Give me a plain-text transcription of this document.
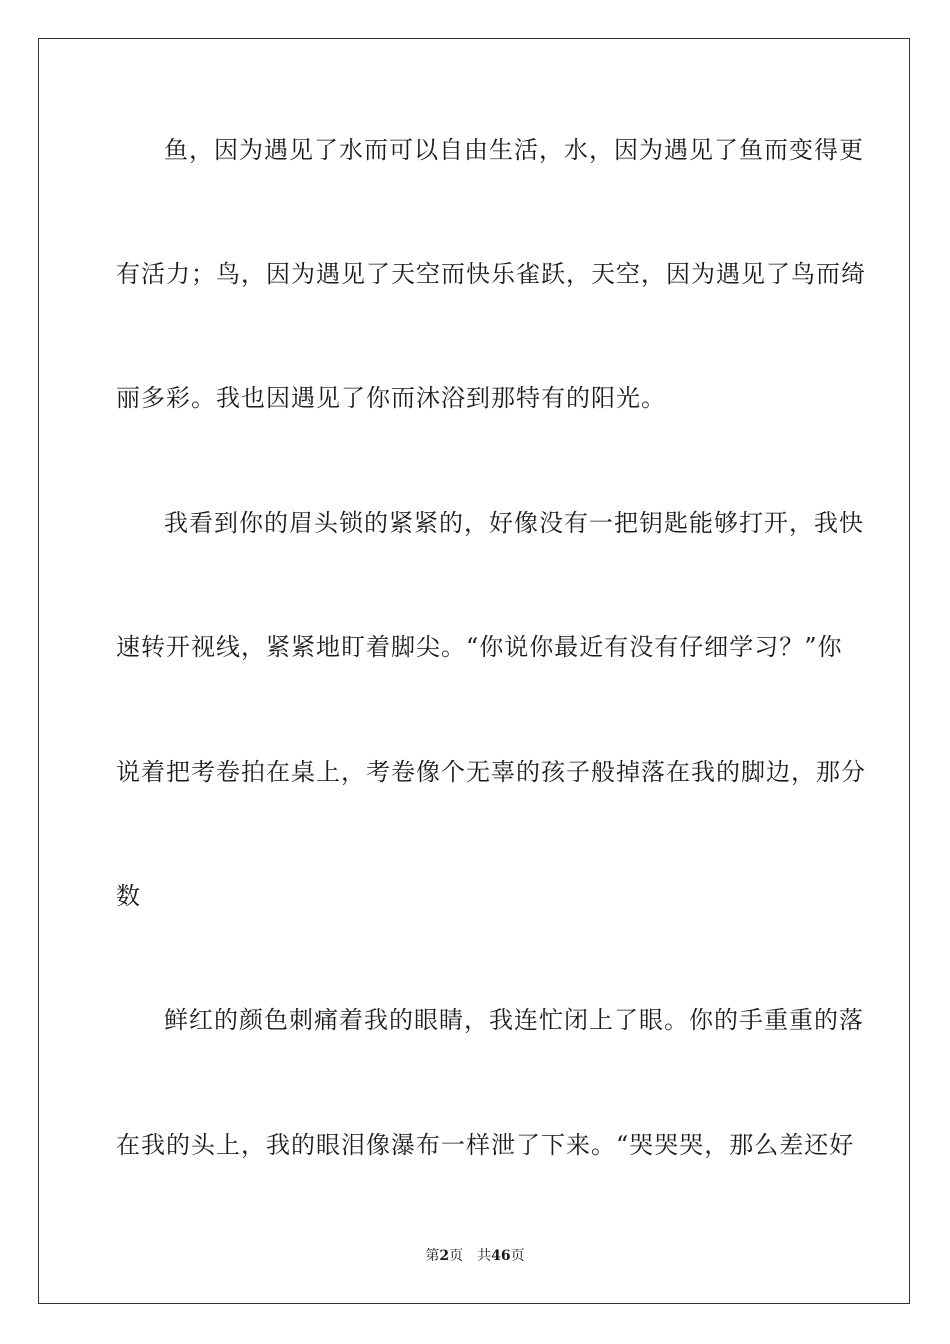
鱼，因为遇见了水而可以自由生活，水，因为遇见了鱼而变得更
有活力；鸟，因为遇见了天空而快乐雀跃，天空，因为遇见了鸟而绮
丽多彩。我也因遇见了你而沐浴到那特有的阳光。
我看到你的眉头锁的紧紧的，好像没有一把钥匙能够打开，我快
速转开视线，紧紧地盯着脚尖。“你说你最近有没有仔细学习？”你
说着把考卷拍在桌上，考卷像个无辜的孩子般掉落在我的脚边，那分
数
鲜红的颜色刺痛着我的眼睛，我连忙闭上了眼。你的手重重的落
在我的头上，我的眼泪像瀑布一样泄了下来。“哭哭哭，那么差还好
第2页 共46页
